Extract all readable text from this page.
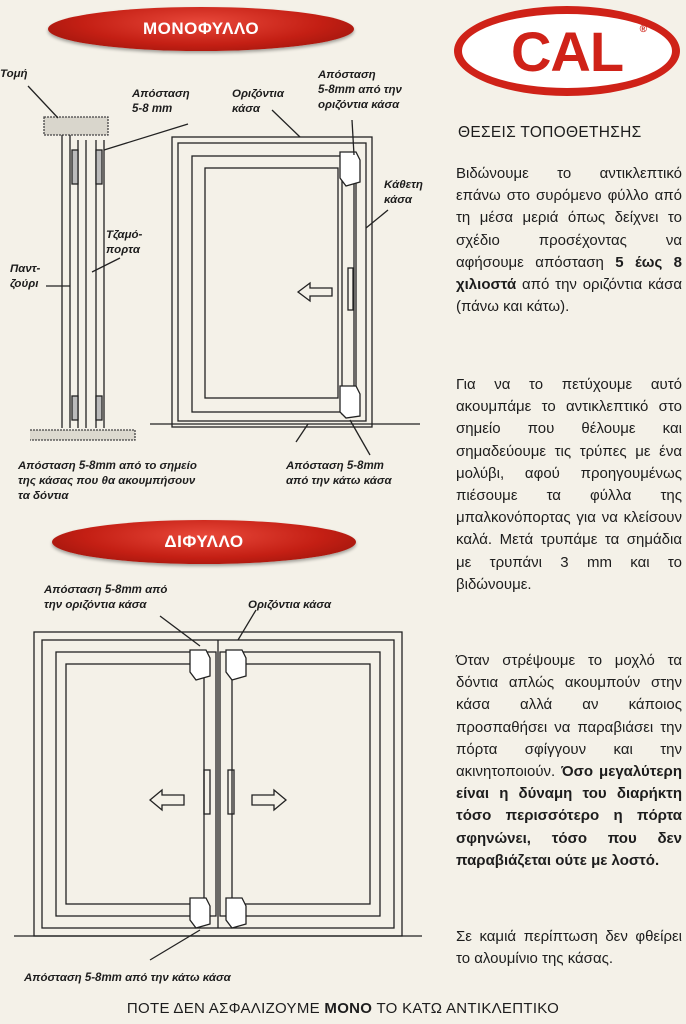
ΜΟΝΟΦΥΛΛΟ
ΔΙΦΥΛΛΟ
CAL ®
ΘΕΣΕΙΣ ΤΟΠΟΘΕΤΗΣΗΣ
Βιδώνουμε το αντικλεπτικό επάνω στο συρόμενο φύλλο από τη μέσα μεριά όπως δείχνει το σχέδιο προσέχοντας να αφήσουμε απόσταση 5 έως 8 χιλιοστά από την οριζόντια κάσα (πάνω και κάτω).
Για να το πετύχουμε αυτό ακουμπάμε το αντικλεπτικό στο σημείο που θέλουμε και σημαδεύουμε τις τρύπες με ένα μολύβι, αφού προηγουμένως πιέσουμε τα φύλλα της μπαλκονόπορτας για να κλείσουν καλά. Μετά τρυπάμε τα σημάδια με τρυπάνι 3 mm και το βιδώνουμε.
Όταν στρέψουμε το μοχλό τα δόντια απλώς ακουμπούν στην κάσα αλλά αν κάποιος προσπαθήσει να παραβιάσει την πόρτα σφίγγουν και την ακινητοποιούν. Όσο μεγαλύτερη είναι η δύναμη του διαρήκτη τόσο περισσότερο η πόρτα σφηνώνει, τόσο που δεν παραβιάζεται ούτε με λοστό.
Σε καμιά περίπτωση δεν φθείρει το αλουμίνιο της κάσας.
Τομή
Απόσταση
5-8 mm
Οριζόντια
κάσα
Απόσταση
5-8mm από την
οριζόντια κάσα
Κάθετη
κάσα
Τζαμό-
πορτα
Παντ-
ζούρι
Απόσταση 5-8mm από το σημείο
της κάσας που θα ακουμπήσουν
τα δόντια
Απόσταση 5-8mm
από την κάτω κάσα
Απόσταση 5-8mm από
την οριζόντια κάσα	Οριζόντια κάσα
Απόσταση 5-8mm από την κάτω κάσα
ΠΟΤΕ ΔΕΝ ΑΣΦΑΛΙΖΟΥΜΕ ΜΟΝΟ ΤΟ ΚΑΤΩ ΑΝΤΙΚΛΕΠΤΙΚΟ
